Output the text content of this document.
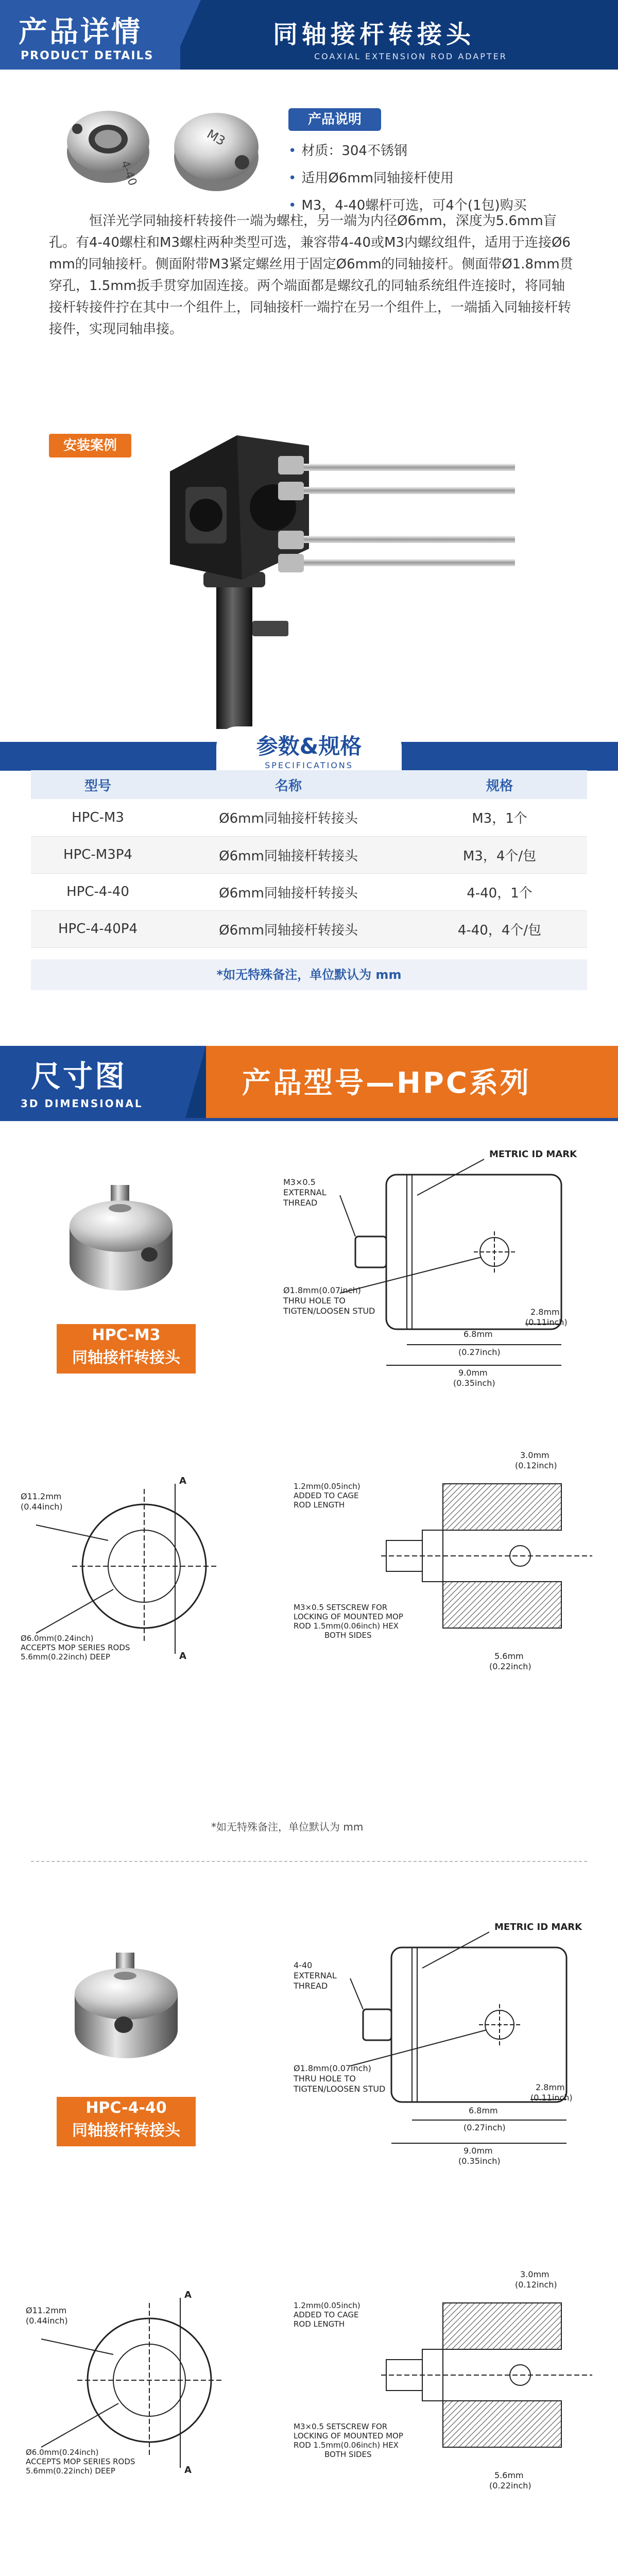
产品详情
PRODUCT DETAILS
同轴接杆转接头
COAXIAL EXTENSION ROD ADAPTER
4-40
M3
产品说明
• 材质：304不锈钢
• 适用Ø6mm同轴接杆使用
• M3，4-40螺杆可选，可4个(1包)购买
恒洋光学同轴接杆转接件一端为螺柱，另一端为内径Ø6mm，深度为5.6mm盲孔。有4-40螺柱和M3螺柱两种类型可选，兼容带4-40或M3内螺纹组件，适用于连接Ø6 mm的同轴接杆。侧面附带M3紧定螺丝用于固定Ø6mm的同轴接杆。侧面带Ø1.8mm贯穿孔，1.5mm扳手贯穿加固连接。两个端面都是螺纹孔的同轴系统组件连接时，将同轴接杆转接件拧在其中一个组件上，同轴接杆一端拧在另一个组件上，一端插入同轴接杆转接件，实现同轴串接。
安装案例
参数&规格
SPECIFICATIONS
型号	名称	规格
HPC-M3	Ø6mm同轴接杆转接头	M3，1个
HPC-M3P4	Ø6mm同轴接杆转接头	M3，4个/包
HPC-4-40	Ø6mm同轴接杆转接头	4-40，1个
HPC-4-40P4	Ø6mm同轴接杆转接头	4-40，4个/包
*如无特殊备注，单位默认为 mm
尺寸图
3D DIMENSIONAL
产品型号—HPC系列
HPC-M3
同轴接杆转接头
METRIC ID MARK
M3×0.5
EXTERNAL
THREAD
Ø1.8mm(0.07inch)
THRU HOLE TO
TIGTEN/LOOSEN STUD	2.8mm
(0.11inch)
6.8mm
(0.27inch)
9.0mm
(0.35inch)
A
A
Ø11.2mm
(0.44inch)
Ø6.0mm(0.24inch)
ACCEPTS MOP SERIES RODS
5.6mm(0.22inch) DEEP
3.0mm
(0.12inch)
1.2mm(0.05inch)
ADDED TO CAGE
ROD LENGTH
M3×0.5 SETSCREW FOR
LOCKING OF MOUNTED MOP
ROD 1.5mm(0.06inch) HEX
BOTH SIDES
5.6mm
(0.22inch)
*如无特殊备注，单位默认为 mm
HPC-4-40
同轴接杆转接头
METRIC ID MARK
4-40
EXTERNAL
THREAD
Ø1.8mm(0.07inch)
THRU HOLE TO
TIGTEN/LOOSEN STUD	2.8mm
(0.11inch)
6.8mm
(0.27inch)
9.0mm
(0.35inch)
A
A
Ø11.2mm
(0.44inch)
Ø6.0mm(0.24inch)
ACCEPTS MOP SERIES RODS
5.6mm(0.22inch) DEEP
3.0mm
(0.12inch)
1.2mm(0.05inch)
ADDED TO CAGE
ROD LENGTH
M3×0.5 SETSCREW FOR
LOCKING OF MOUNTED MOP
ROD 1.5mm(0.06inch) HEX
BOTH SIDES
5.6mm
(0.22inch)
